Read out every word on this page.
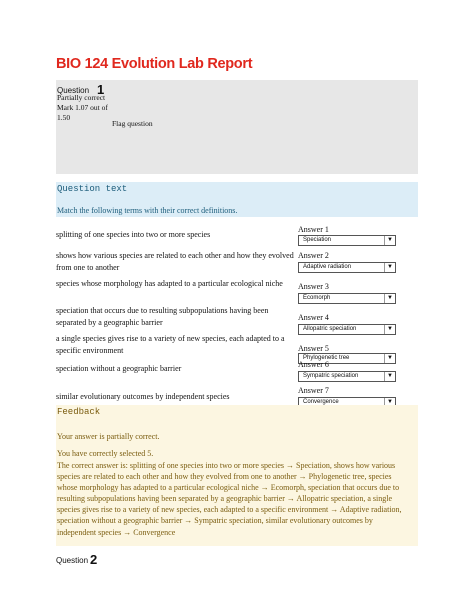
BIO 124 Evolution Lab Report
Question 1
Partially correct
Mark 1.07 out of 1.50
Flag question
Question text
Match the following terms with their correct definitions.
splitting of one species into two or more species
Answer 1
Speciation	▼
shows how various species are related to each other and how they evolved from one to another
Answer 2
Adaptive radiation	▼
species whose morphology has adapted to a particular ecological niche	Answer 3
Ecomorph	▼
speciation that occurs due to resulting subpopulations having been separated by a geographic barrier
Answer 4
Allopatric speciation	▼
a single species gives rise to a variety of new species, each adapted to a specific environment	Answer 5
Phylogenetic tree	▼
speciation without a geographic barrier	Answer 6
Sympatric speciation	▼
similar evolutionary outcomes by independent species
Answer 7
Convergence	▼
Feedback
Your answer is partially correct.
You have correctly selected 5.
The correct answer is: splitting of one species into two or more species → Speciation, shows how various species are related to each other and how they evolved from one to another → Phylogenetic tree, species whose morphology has adapted to a particular ecological niche → Ecomorph, speciation that occurs due to resulting subpopulations having been separated by a geographic barrier → Allopatric speciation, a single species gives rise to a variety of new species, each adapted to a specific environment → Adaptive radiation, speciation without a geographic barrier → Sympatric speciation, similar evolutionary outcomes by independent species → Convergence
Question 2
